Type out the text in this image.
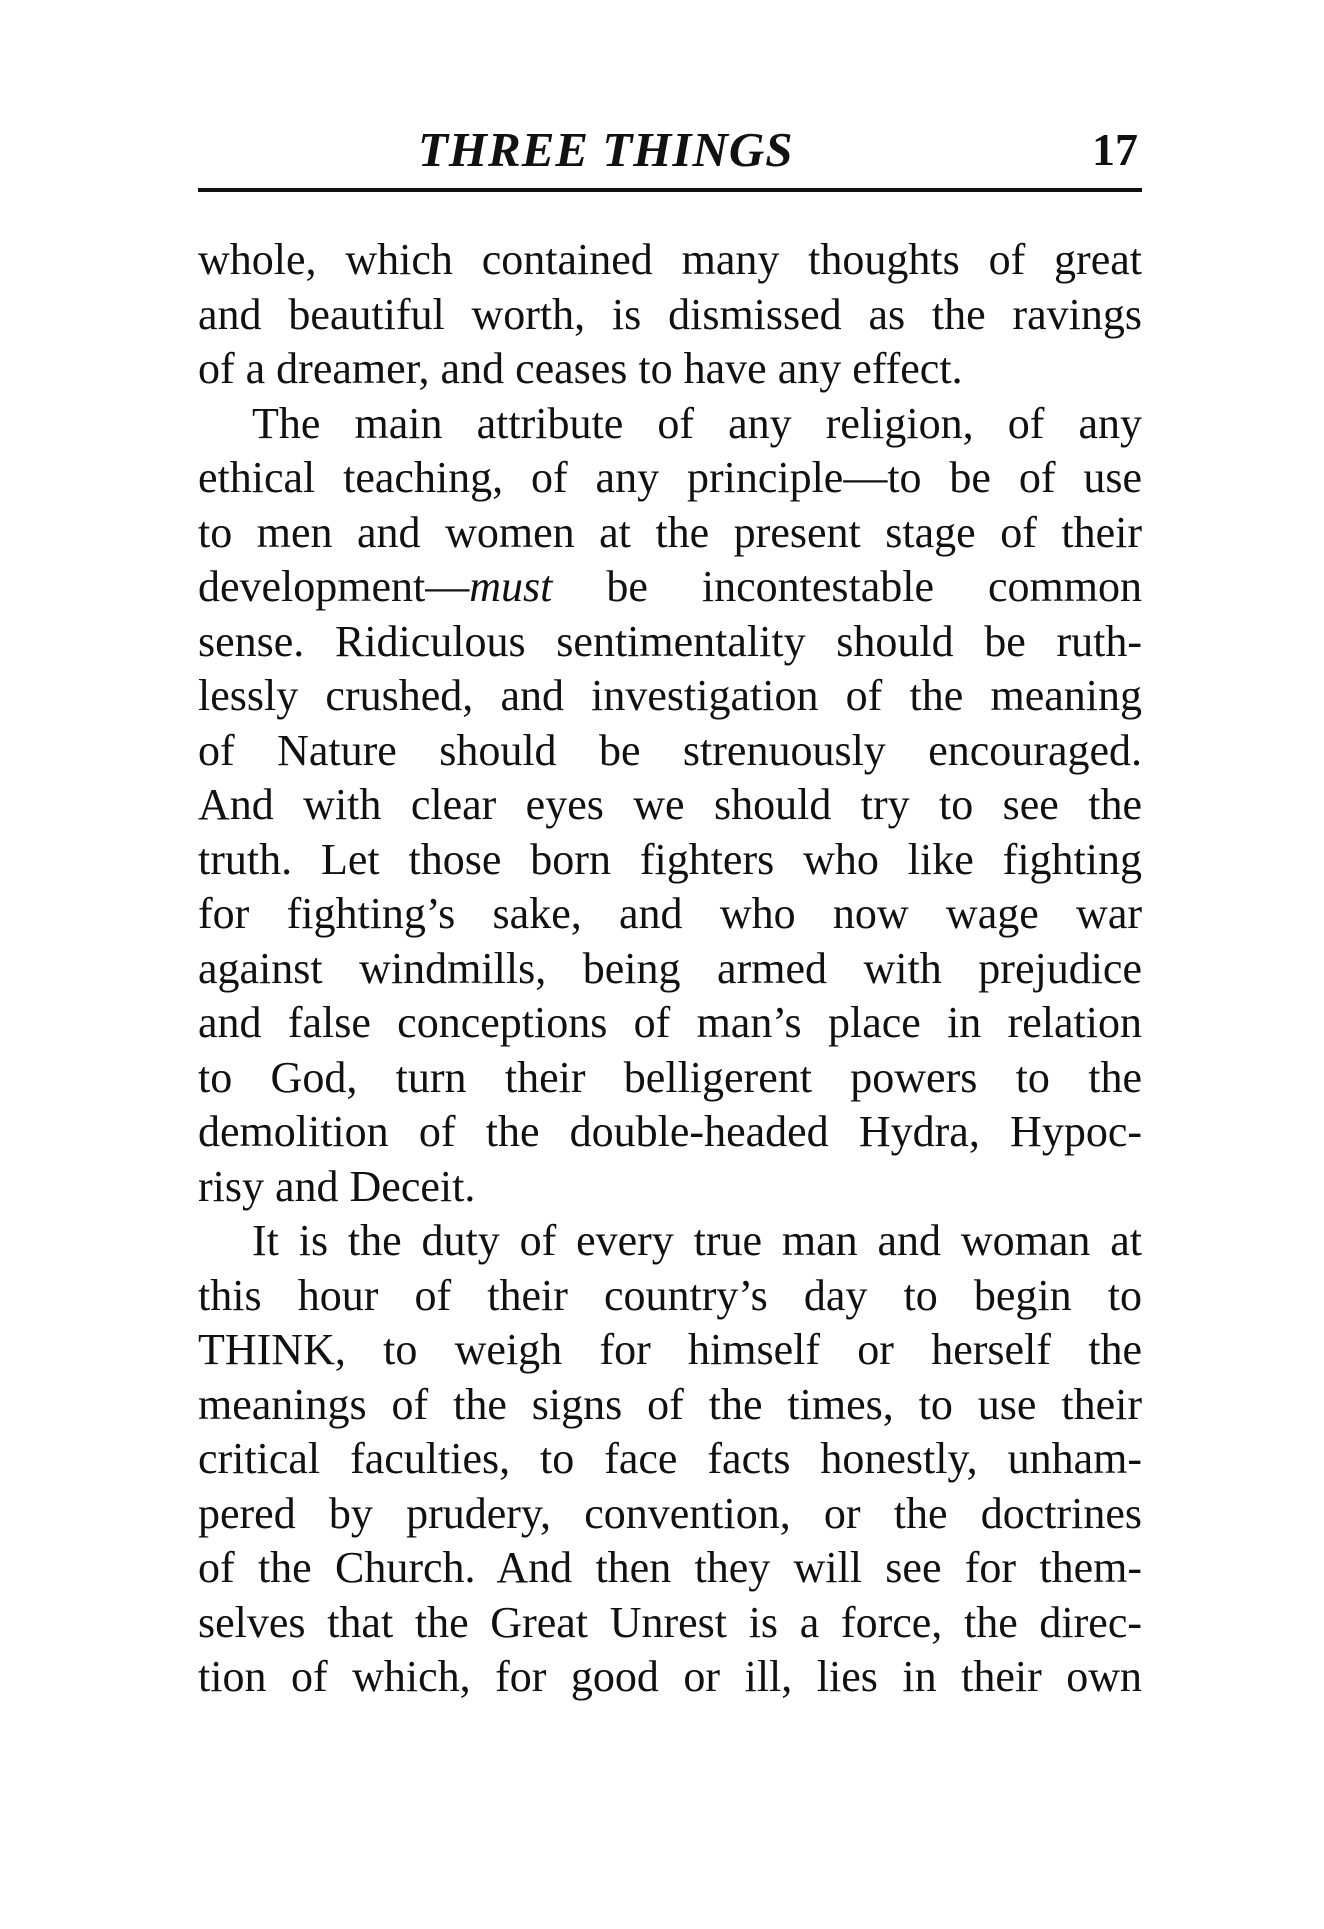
THREE THINGS	17
whole, which contained many thoughts of great
and beautiful worth, is dismissed as the ravings
of a dreamer, and ceases to have any effect.
The main attribute of any religion, of any
ethical teaching, of any principle—to be of use
to men and women at the present stage of their
development—must be incontestable common
sense. Ridiculous sentimentality should be ruth-
lessly crushed, and investigation of the meaning
of Nature should be strenuously encouraged.
And with clear eyes we should try to see the
truth. Let those born fighters who like fighting
for fighting’s sake, and who now wage war
against windmills, being armed with prejudice
and false conceptions of man’s place in relation
to God, turn their belligerent powers to the
demolition of the double-headed Hydra, Hypoc-
risy and Deceit.
It is the duty of every true man and woman at
this hour of their country’s day to begin to
THINK, to weigh for himself or herself the
meanings of the signs of the times, to use their
critical faculties, to face facts honestly, unham-
pered by prudery, convention, or the doctrines
of the Church. And then they will see for them-
selves that the Great Unrest is a force, the direc-
tion of which, for good or ill, lies in their own
